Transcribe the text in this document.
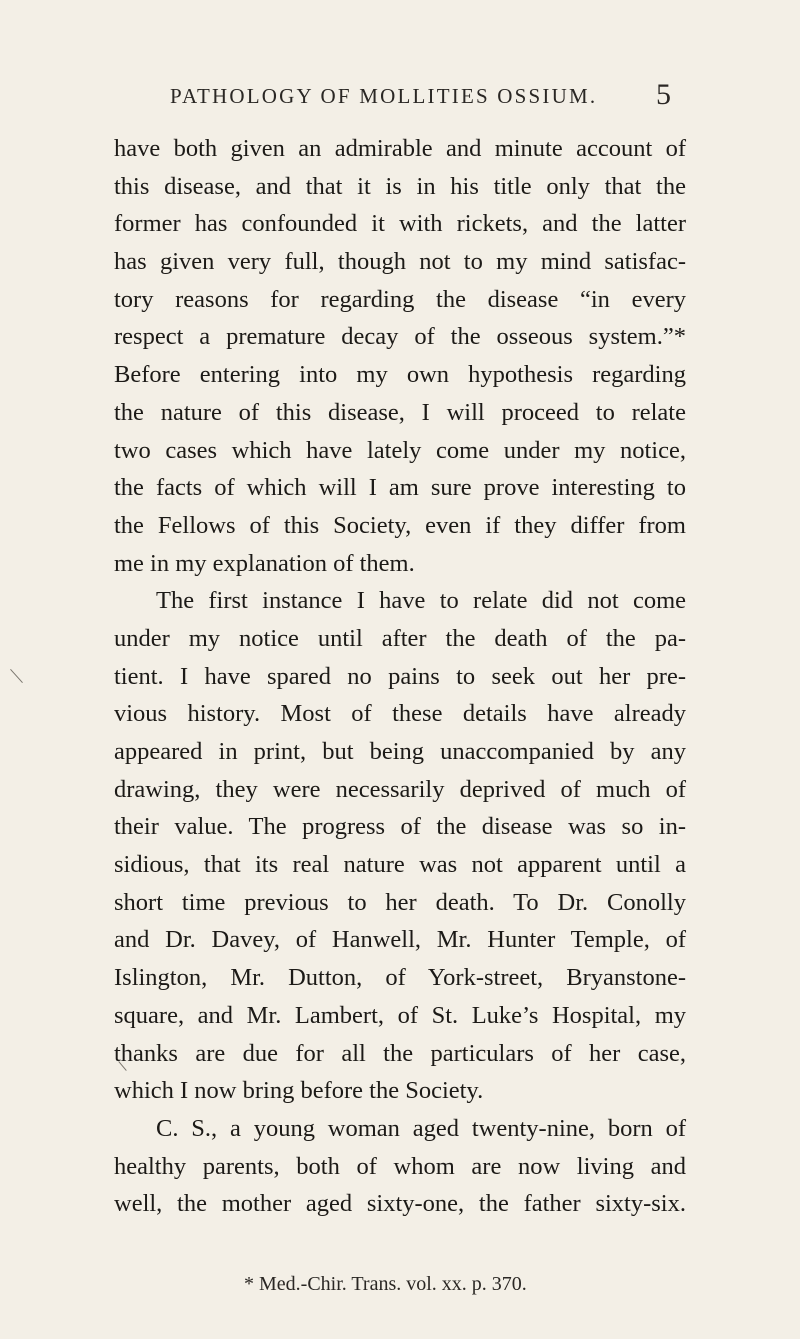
PATHOLOGY OF MOLLITIES OSSIUM. 5
have both given an admirable and minute account of
this disease, and that it is in his title only that the
former has confounded it with rickets, and the latter
has given very full, though not to my mind satisfac-
tory reasons for regarding the disease “in every
respect a premature decay of the osseous system.”*
Before entering into my own hypothesis regarding
the nature of this disease, I will proceed to relate
two cases which have lately come under my notice,
the facts of which will I am sure prove interesting to
the Fellows of this Society, even if they differ from
me in my explanation of them.
The first instance I have to relate did not come
under my notice until after the death of the pa-
tient. I have spared no pains to seek out her pre-
vious history. Most of these details have already
appeared in print, but being unaccompanied by any
drawing, they were necessarily deprived of much of
their value. The progress of the disease was so in-
sidious, that its real nature was not apparent until a
short time previous to her death. To Dr. Conolly
and Dr. Davey, of Hanwell, Mr. Hunter Temple, of
Islington, Mr. Dutton, of York-street, Bryanstone-
square, and Mr. Lambert, of St. Luke’s Hospital, my
thanks are due for all the particulars of her case,
which I now bring before the Society.
C. S., a young woman aged twenty-nine, born of
healthy parents, both of whom are now living and
well, the mother aged sixty-one, the father sixty-six.
* Med.-Chir. Trans. vol. xx. p. 370.
